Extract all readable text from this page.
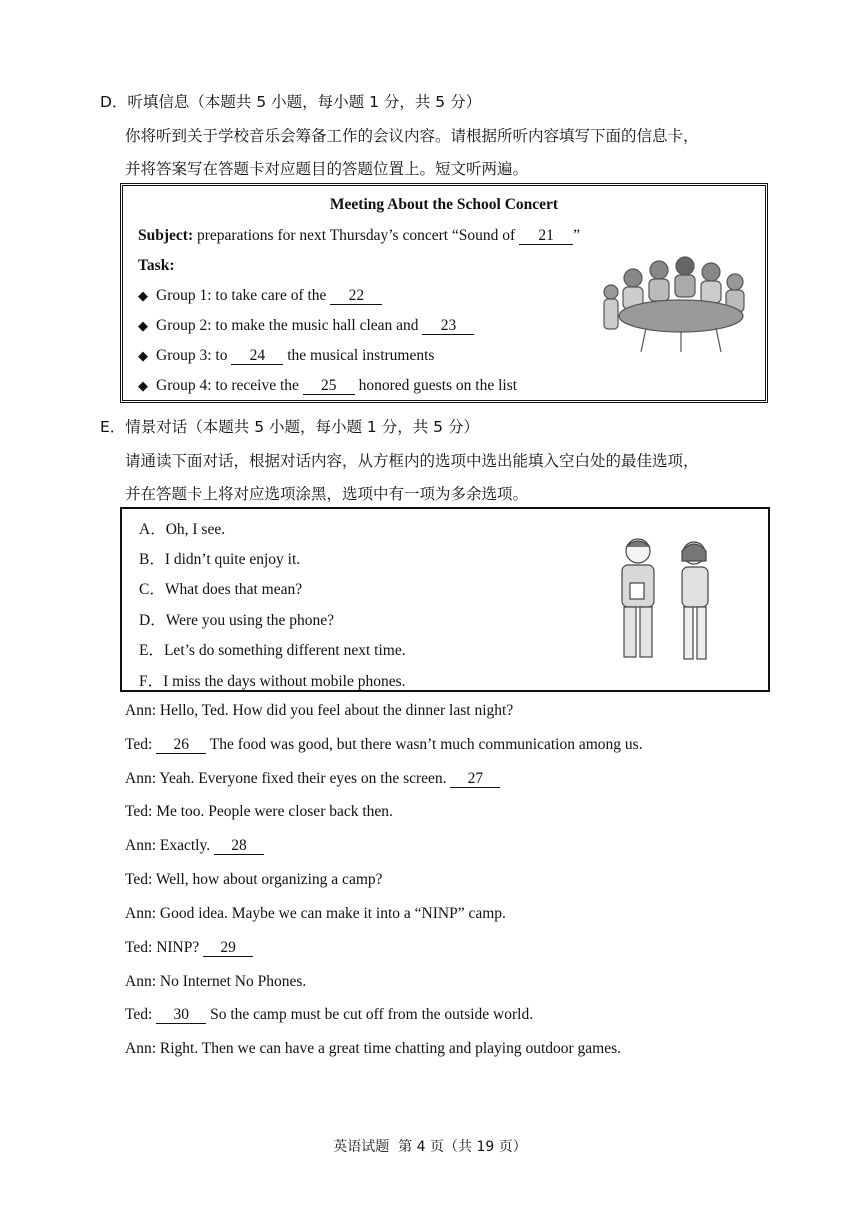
D．听填信息（本题共 5 小题，每小题 1 分，共 5 分）
你将听到关于学校音乐会筹备工作的会议内容。请根据所听内容填写下面的信息卡，
并将答案写在答题卡对应题目的答题位置上。短文听两遍。
Meeting About the School Concert
Subject: preparations for next Thursday’s concert “Sound of 21 ”
Task:
◆ Group 1: to take care of the 22
◆ Group 2: to make the music hall clean and 23
◆ Group 3: to 24 the musical instruments
◆ Group 4: to receive the 25 honored guests on the list
E．情景对话（本题共 5 小题，每小题 1 分，共 5 分）
请通读下面对话，根据对话内容，从方框内的选项中选出能填入空白处的最佳选项，
并在答题卡上将对应选项涂黑，选项中有一项为多余选项。
A．Oh, I see.
B．I didn’t quite enjoy it.
C．What does that mean?
D．Were you using the phone?
E．Let’s do something different next time.
F．I miss the days without mobile phones.
Ann: Hello, Ted. How did you feel about the dinner last night?
Ted: 26 The food was good, but there wasn’t much communication among us.
Ann: Yeah. Everyone fixed their eyes on the screen. 27
Ted: Me too. People were closer back then.
Ann: Exactly. 28
Ted: Well, how about organizing a camp?
Ann: Good idea. Maybe we can make it into a “NINP” camp.
Ted: NINP? 29
Ann: No Internet No Phones.
Ted: 30 So the camp must be cut off from the outside world.
Ann: Right. Then we can have a great time chatting and playing outdoor games.
英语试题  第 4 页（共 19 页）
